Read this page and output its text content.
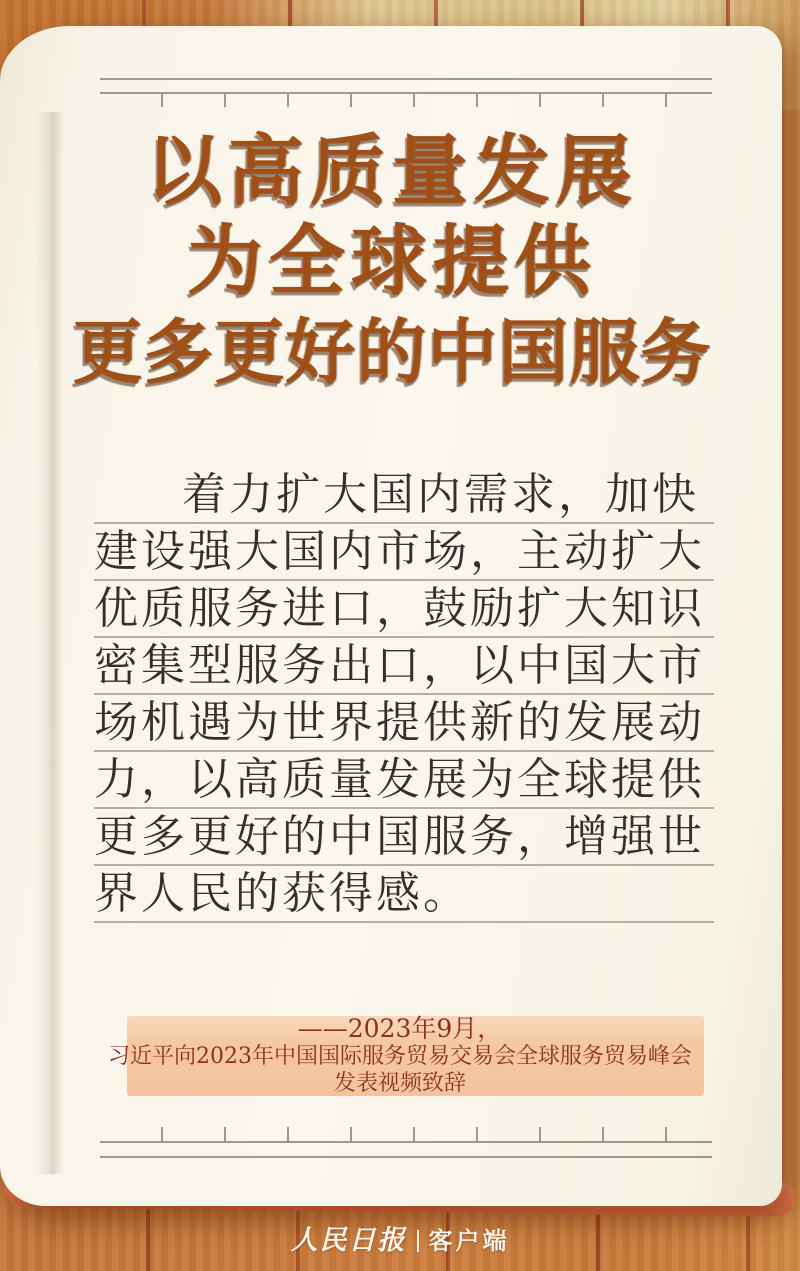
以高质量发展
为全球提供
更多更好的中国服务
着力扩大国内需求，加快
建设强大国内市场，主动扩大
优质服务进口，鼓励扩大知识
密集型服务出口，以中国大市
场机遇为世界提供新的发展动
力，以高质量发展为全球提供
更多更好的中国服务，增强世
界人民的获得感。
——2023年9月，
习近平向2023年中国国际服务贸易交易会全球服务贸易峰会
发表视频致辞
人民日报 客户端
